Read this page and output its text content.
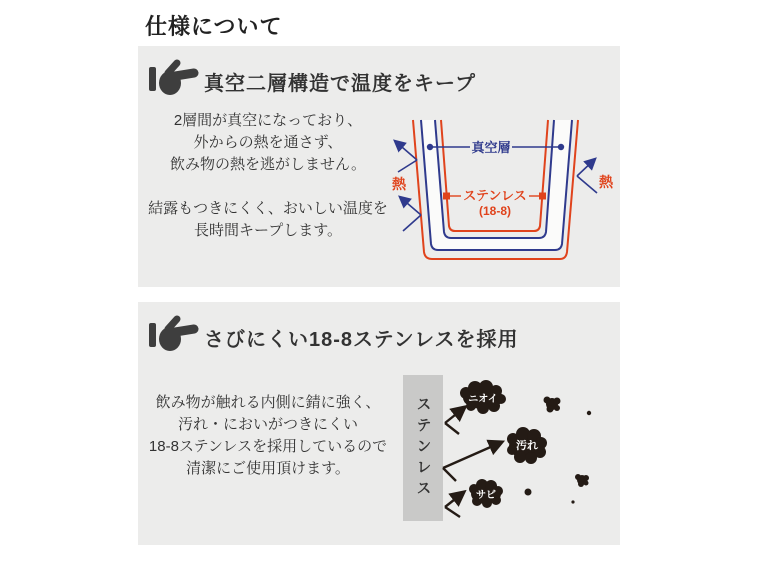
仕様について
真空二層構造で温度をキープ

2層間が真空になっており、
外からの熱を通さず、
飲み物の熱を逃がしません。

結露もつきにくく、おいしい温度を
長時間キープします。

真空層
ステンレス
(18-8)
熱	熱
さびにくい18-8ステンレスを採用

飲み物が触れる内側に錆に強く、
汚れ・においがつきにくい
18-8ステンレスを採用しているので
清潔にご使用頂けます。	ステンレス	ニオイ
汚れ
サビ
